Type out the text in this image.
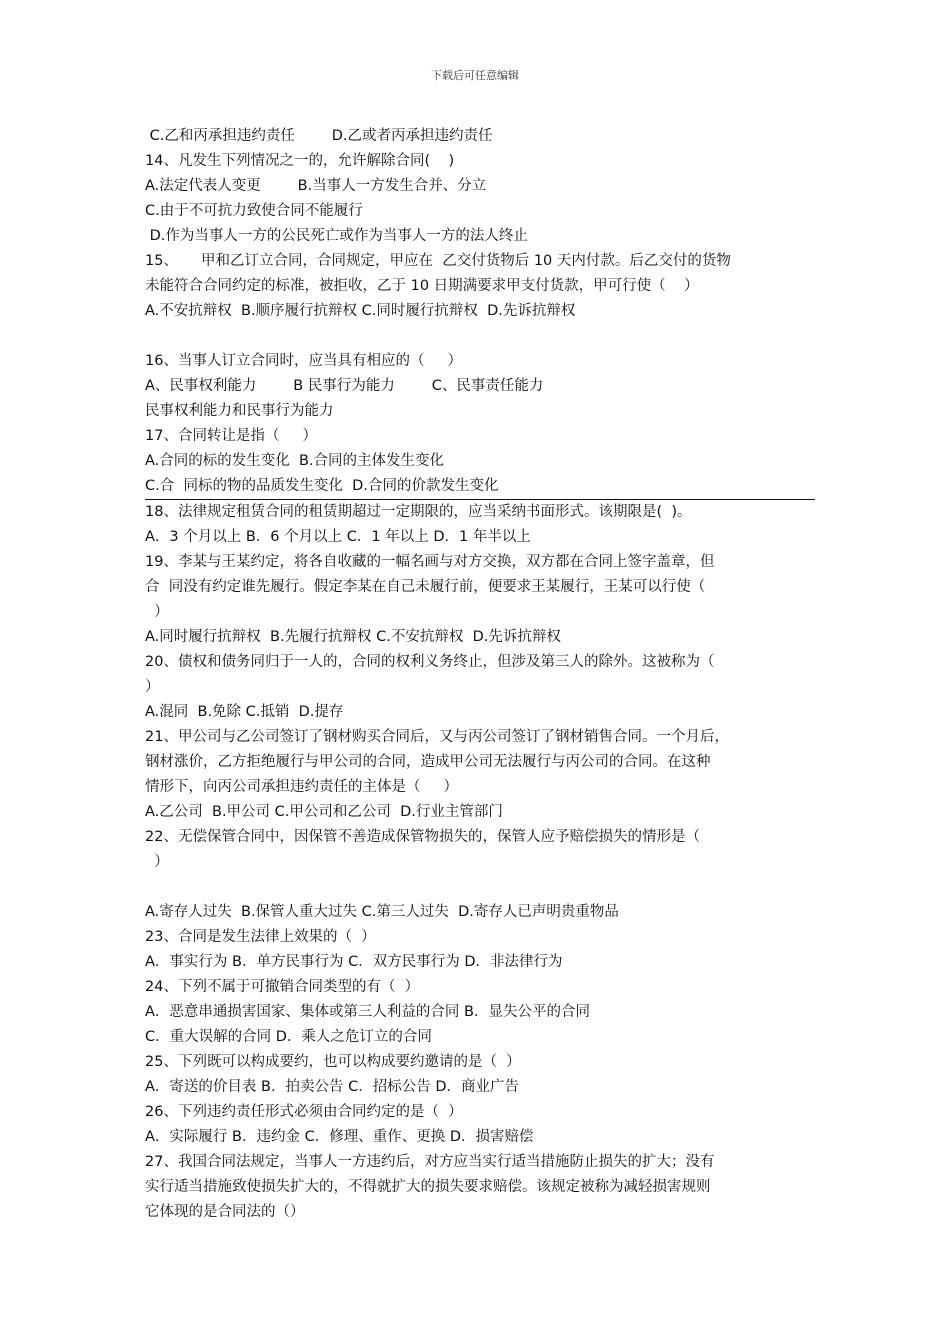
下载后可任意编辑
C.乙和丙承担违约责任        D.乙或者丙承担违约责任
14、凡发生下列情况之一的，允许解除合同(    )
A.法定代表人变更        B.当事人一方发生合并、分立
C.由于不可抗力致使合同不能履行
D.作为当事人一方的公民死亡或作为当事人一方的法人终止
15、     甲和乙订立合同，合同规定，甲应在  乙交付货物后 10 天内付款。后乙交付的货物
未能符合合同约定的标准，被拒收，乙于 10 日期满要求甲支付货款，甲可行使（    ）
A.不安抗辩权  B.顺序履行抗辩权 C.同时履行抗辩权  D.先诉抗辩权
16、当事人订立合同时，应当具有相应的（     ）
A、民事权利能力        B 民事行为能力        C、民事责任能力
民事权利能力和民事行为能力
17、合同转让是指（     ）
A.合同的标的发生变化  B.合同的主体发生变化
C.合  同标的物的品质发生变化  D.合同的价款发生变化
18、法律规定租赁合同的租赁期超过一定期限的，应当采纳书面形式。该期限是(  )。
A．3 个月以上 B．6 个月以上 C．1 年以上 D．1 年半以上
19、李某与王某约定，将各自收藏的一幅名画与对方交换，双方都在合同上签字盖章，但
合  同没有约定谁先履行。假定李某在自己未履行前，便要求王某履行，王某可以行使（
）
A.同时履行抗辩权  B.先履行抗辩权 C.不安抗辩权  D.先诉抗辩权
20、债权和债务同归于一人的，合同的权利义务终止，但涉及第三人的除外。这被称为（
）
A.混同  B.免除 C.抵销  D.提存
21、甲公司与乙公司签订了钢材购买合同后，又与丙公司签订了钢材销售合同。一个月后，
钢材涨价，乙方拒绝履行与甲公司的合同，造成甲公司无法履行与丙公司的合同。在这种
情形下，向丙公司承担违约责任的主体是（     ）
A.乙公司  B.甲公司 C.甲公司和乙公司  D.行业主管部门
22、无偿保管合同中，因保管不善造成保管物损失的，保管人应予赔偿损失的情形是（
）
A.寄存人过失  B.保管人重大过失 C.第三人过失  D.寄存人已声明贵重物品
23、合同是发生法律上效果的（  ）
A．事实行为 B．单方民事行为 C．双方民事行为 D．非法律行为
24、下列不属于可撤销合同类型的有（  ）
A．恶意串通损害国家、集体或第三人利益的合同 B．显失公平的合同
C．重大误解的合同 D．乘人之危订立的合同
25、下列既可以构成要约，也可以构成要约邀请的是（  ）
A．寄送的价目表 B．拍卖公告 C．招标公告 D．商业广告
26、下列违约责任形式必须由合同约定的是（  ）
A．实际履行 B．违约金 C．修理、重作、更换 D．损害赔偿
27、我国合同法规定，当事人一方违约后，对方应当实行适当措施防止损失的扩大；没有
实行适当措施致使损失扩大的，不得就扩大的损失要求赔偿。该规定被称为减轻损害规则
它体现的是合同法的（）
